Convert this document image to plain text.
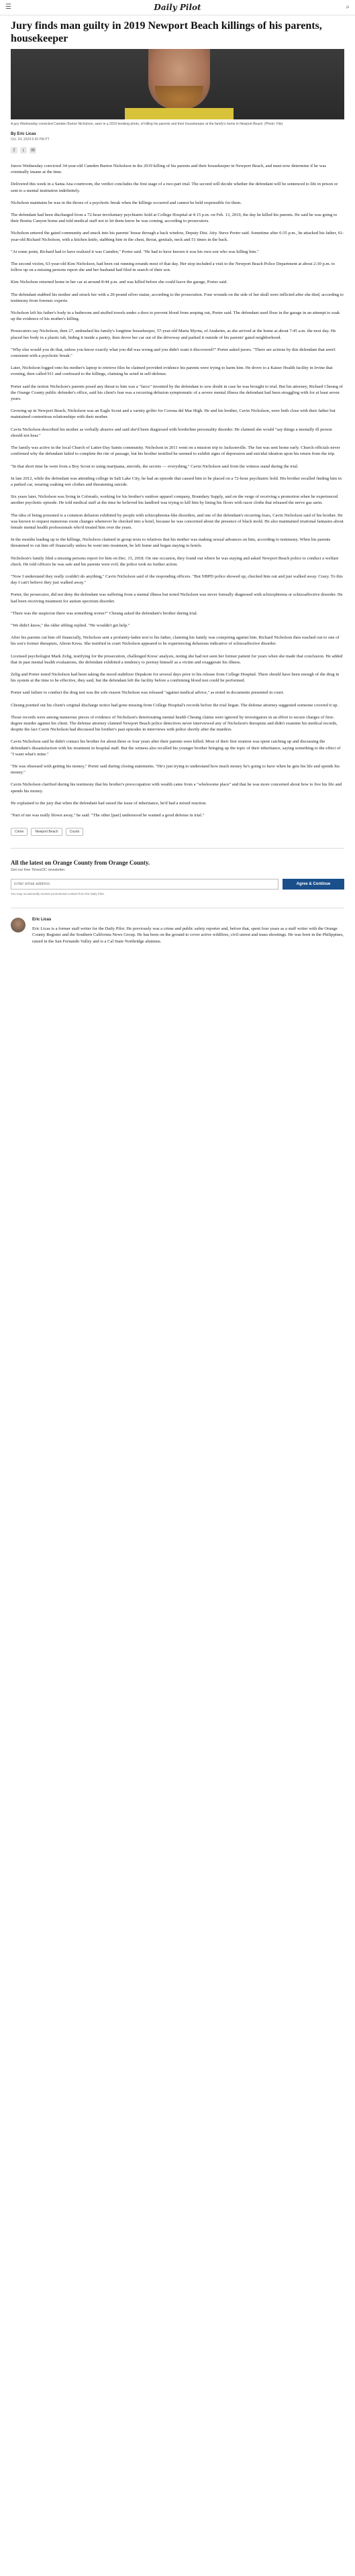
☰	Daily Pilot	⌕
Jury finds man guilty in 2019 Newport Beach killings of his parents, housekeeper
A jury Wednesday convicted Camden Burton Nicholson, seen in a 2019 booking photo, of killing his parents and their housekeeper at the family's home in Newport Beach. (Photo: File)
By Eric Licas
Oct. 24, 2024 5:42 PM PT
f	t	✉

Jurors Wednesday convicted 34-year-old Camden Burton Nicholson in the 2019 killing of his parents and their housekeeper in Newport Beach, and must now determine if he was criminally insane at the time.

Delivered this week in a Santa Ana courtroom, the verdict concludes the first stage of a two-part trial. The second will decide whether the defendant will be sentenced to life in prison or sent to a mental institution indefinitely.

Nicholson maintains he was in the throes of a psychotic break when the killings occurred and cannot be held responsible for them.

The defendant had been discharged from a 72-hour involuntary psychiatric hold at College Hospital at 4:15 p.m. on Feb. 13, 2019, the day he killed his parents. He said he was going to their Bonita Canyon home and told medical staff not to let them know he was coming, according to prosecutors.

Nicholson entered the gated community and snuck into his parents' house through a back window, Deputy Dist. Atty. Steve Porter said. Sometime after 6:35 p.m., he attacked his father, 61-year-old Richard Nicholson, with a kitchen knife, stabbing him in the chest, throat, genitals, neck and 51 times in the back.

"At some point, Richard had to have realized it was Camden," Porter said. "He had to have known it was his own son who was killing him."

The second victim, 63-year-old Kim Nicholson, had been out running errands most of that day. Her stop included a visit to the Newport Beach Police Department at about 2:30 p.m. to follow up on a missing persons report she and her husband had filed in search of their son.

Kim Nicholson returned home in her car at around 8:44 p.m. and was killed before she could leave the garage, Porter said.

The defendant stabbed his mother and struck her with a 20-pound silver statue, according to the prosecution. Four wounds on the side of her skull were inflicted after she died, according to testimony from forensic experts.

Nicholson left his father's body in a bathroom and stuffed towels under a door to prevent blood from seeping out, Porter said. The defendant used flour in the garage in an attempt to soak up the evidence of his mother's killing.

Prosecutors say Nicholson, then 27, ambushed his family's longtime housekeeper, 57-year-old Maria Myrna, of Anaheim, as she arrived at the home at about 7:45 a.m. the next day. He placed her body in a plastic tub, hiding it inside a pantry, then drove her car out of the driveway and parked it outside of his parents' gated neighborhood.

"Why else would you do that, unless you know exactly what you did was wrong and you didn't want it discovered?" Porter asked jurors. "There are actions by this defendant that aren't consistent with a psychotic break."

Later, Nicholson logged onto his mother's laptop to retrieve files he claimed provided evidence his parents were trying to harm him. He drove to a Kaiser Health facility in Irvine that evening, then called 911 and confessed to the killings, claiming he acted in self-defense.

Porter said the notion Nicholson's parents posed any threat to him was a "farce" invented by the defendant to sow doubt in case he was brought to trial. But his attorney, Richard Cheung of the Orange County public defender's office, said his client's fear was a recurring delusion symptomatic of a severe mental illness the defendant had been struggling with for at least seven years.

Growing up in Newport Beach, Nicholson was an Eagle Scout and a varsity golfer for Corona del Mar High. He and his brother, Cavin Nicholson, were both close with their father but maintained contentious relationships with their mother.

Cavin Nicholson described his mother as verbally abusive and said she'd been diagnosed with borderline personality disorder. He claimed she would "say things a mentally ill person should not hear."

The family was active in the local Church of Latter-Day Saints community. Nicholson in 2011 went on a mission trip to Jacksonville. The fun was sent home early. Church officials never confirmed why the defendant failed to complete the rite of passage, but his brother testified he seemed to exhibit signs of depression and suicidal ideation upon his return from the trip.

"In that short time he went from a Boy Scout to using marijuana, steroids, the secrets — everything," Cavin Nicholson said from the witness stand during the trial.

In late 2012, while the defendant was attending college in Salt Lake City, he had an episode that caused him to be placed on a 72-hour psychiatric hold. His brother recalled finding him in a parked car, wearing soaking wet clothes and threatening suicide.

Six years later, Nicholson was living in Colorado, working for his brother's outdoor apparel company, Boundary Supply, and on the verge of receiving a promotion when he experienced another psychotic episode. He told medical staff at the time he believed his landlord was trying to kill him by lining his floors with razor cloths that released the nerve gas sarin.

The idea of being poisoned is a common delusion exhibited by people with schizophrenia-like disorders, and one of the defendant's recurring fears, Cavin Nicholson said of his brother. He was known to request numerous room changes whenever he checked into a hotel, because he was concerned about the presence of black mold. He also maintained irrational fantasies about female mental health professionals who'd treated him over the years.

In the months leading up to the killings, Nicholson claimed in group texts to relatives that his mother was making sexual advances on him, according to testimony. When his parents threatened to cut him off financially unless he went into treatment, he left home and began staying in hotels.

Nicholson's family filed a missing persons report for him on Dec. 15, 2018. On one occasion, they found out where he was staying and asked Newport Beach police to conduct a welfare check. He told officers he was safe and his parents were evil; the police took no further action.

"Now I understand they really couldn't do anything," Cavin Nicholson said of the responding officers. "But NBPD police showed up, checked him out and just walked away. Crazy. To this day I can't believe they just walked away."

Porter, the prosecutor, did not deny the defendant was suffering from a mental illness but noted Nicholson was never formally diagnosed with schizophrenia or schizoaffective disorder. He had been receiving treatment for autism spectrum disorder.

"There was the suspicion there was something worse?" Cheung asked the defendant's brother during trial.

"We didn't know," the older sibling replied. "He wouldn't get help."

After his parents cut him off financially, Nicholson sent a profanity-laden text to his father, claiming his family was conspiring against him. Richard Nicholson then reached out to one of his son's former therapists, Alison Kress. She testified in court Nicholson appeared to be experiencing delusions indicative of schizoaffective disorder.

Licensed psychologist Mark Zelig, testifying for the prosecution, challenged Kress' analysis, noting she had not seen her former patient for years when she made that conclusion. He added that in past mental health evaluations, the defendant exhibited a tendency to portray himself as a victim and exaggerate his illness.

Zelig and Porter noted Nicholson had been taking the mood stabilizer Depakote for several days prior to his release from College Hospital. There should have been enough of the drug in his system at the time to be effective, they said, but the defendant left the facility before a confirming blood test could be performed.

Porter said failure to conduct the drug test was the sole reason Nicholson was released "against medical advice," as noted in documents presented in court.

Cheung pointed out his client's original discharge notice had gone missing from College Hospital's records before the trial began. The defense attorney suggested someone covered it up.

Those records were among numerous pieces of evidence of Nicholson's deteriorating mental health Cheung claims were ignored by investigators in an effort to secure charges of first-degree murder against his client. The defense attorney claimed Newport Beach police detectives never interviewed any of Nicholson's therapists and didn't examine his medical records, despite the fact Cavin Nicholson had discussed his brother's past episodes in interviews with police shortly after the murders.

Cavin Nicholson said he didn't contact his brother for about three or four years after their parents were killed. Most of their first reunion was spent catching up and discussing the defendant's dissatisfaction with his treatment in hospital staff. But the witness also recalled his younger brother bringing up the topic of their inheritance, saying something to the effect of "I want what's mine."

"He was obsessed with getting his money," Porter said during closing statements. "He's just trying to understand how much money he's going to have when he gets his life and spends his money."

Cavin Nicholson clarified during his testimony that his brother's preoccupation with wealth came from a "wholesome place" and that he was more concerned about how to live his life and spends his money.

He explained to the jury that when the defendant had raised the issue of inheritance, he'd had a mixed reaction.

"Part of me was really blown away," he said. "The other [part] understood he wanted a good defense in trial."

Crime	Newport Beach	Courts
All the latest on Orange County from Orange County.
Get our free TimesOC newsletter.
Enter email address
Agree & Continue
You may occasionally receive promotional content from the Daily Pilot.
Eric Licas
Eric Licas is a former staff writer for the Daily Pilot. He previously was a crime and public safety reporter and, before that, spent four years as a staff writer with the Orange County Register and the Southern California News Group. He has been on the ground to cover active wildfires, civil unrest and mass shootings. He was born in the Philippines, raised in the San Fernando Valley and is a Cal State Northridge alumnus.
